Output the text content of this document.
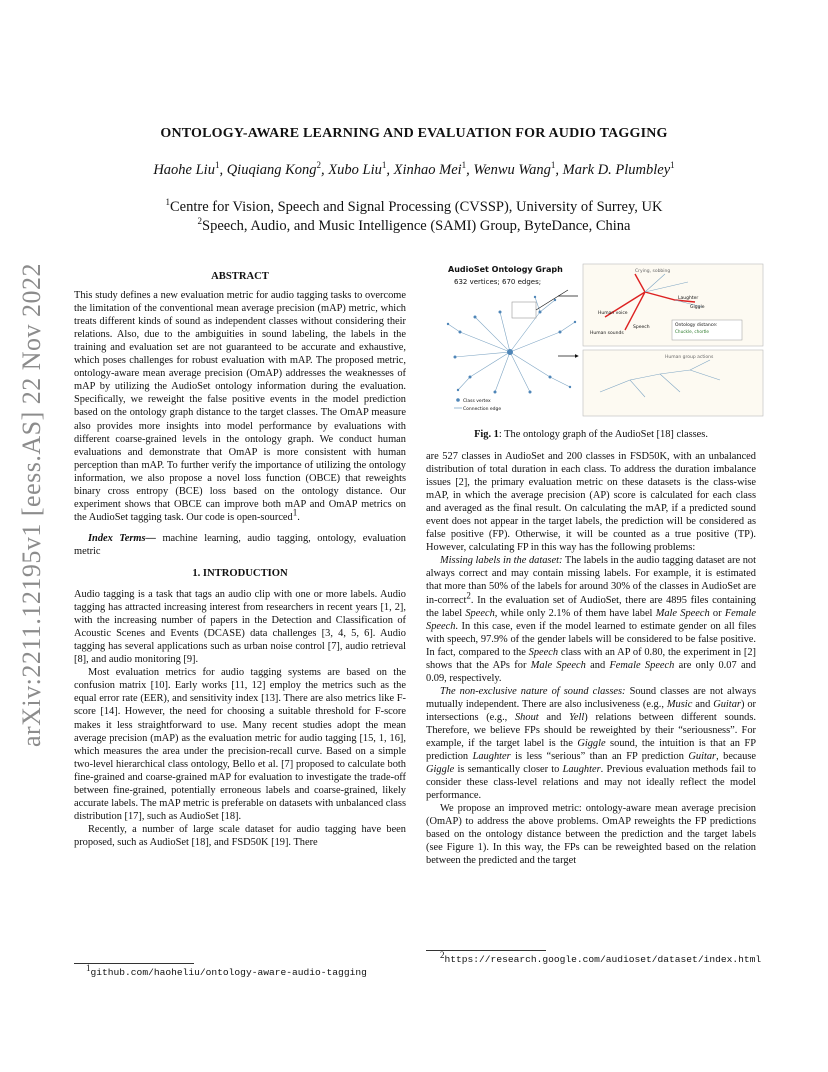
arXiv:2211.12195v1 [eess.AS] 22 Nov 2022
ONTOLOGY-AWARE LEARNING AND EVALUATION FOR AUDIO TAGGING
Haohe Liu$^1$, Qiuqiang Kong$^2$, Xubo Liu$^1$, Xinhao Mei$^1$, Wenwu Wang$^1$, Mark D. Plumbley$^1$
$^1$Centre for Vision, Speech and Signal Processing (CVSSP), University of Surrey, UK
$^2$Speech, Audio, and Music Intelligence (SAMI) Group, ByteDance, China
ABSTRACT

This study defines a new evaluation metric for audio tagging tasks to overcome the limitation of the conventional mean average precision (mAP) metric, which treats different kinds of sound as independent classes without considering their relations. Also, due to the ambiguities in sound labeling, the labels in the training and evaluation set are not guaranteed to be accurate and exhaustive, which poses challenges for robust evaluation with mAP. The proposed metric, ontology-aware mean average precision (OmAP) addresses the weaknesses of mAP by utilizing the AudioSet ontology information during the evaluation. Specifically, we reweight the false positive events in the model prediction based on the ontology graph distance to the target classes. The OmAP measure also provides more insights into model performance by evaluations with different coarse-grained levels in the ontology graph. We conduct human evaluations and demonstrate that OmAP is more consistent with human perception than mAP. To further verify the importance of utilizing the ontology information, we also propose a novel loss function (OBCE) that reweights binary cross entropy (BCE) loss based on the ontology distance. Our experiment shows that OBCE can improve both mAP and OmAP metrics on the AudioSet tagging task. Our code is open-sourced$^1$.

Index Terms— machine learning, audio tagging, ontology, evaluation metric

1. INTRODUCTION

Audio tagging is a task that tags an audio clip with one or more labels. Audio tagging has attracted increasing interest from researchers in recent years [1, 2], with the increasing number of papers in the Detection and Classification of Acoustic Scenes and Events (DCASE) data challenges [3, 4, 5, 6]. Audio tagging has several applications such as urban noise control [7], audio retrieval [8], and audio monitoring [9].

Most evaluation metrics for audio tagging systems are based on the confusion matrix [10]. Early works [11, 12] employ the metrics such as the equal error rate (EER), and sensitivity index [13]. There are also metrics like F-score [14]. However, the need for choosing a suitable threshold for F-score makes it less straightforward to use. Many recent studies adopt the mean average precision (mAP) as the evaluation metric for audio tagging [15, 1, 16], which measures the area under the precision-recall curve. Based on a simple two-level hierarchical class ontology, Bello et al. [7] proposed to calculate both fine-grained and coarse-grained mAP for evaluation to investigate the trade-off between fine-grained, potentially erroneous labels and coarse-grained, likely accurate labels. The mAP metric is preferable on datasets with unbalanced class distribution [17], such as AudioSet [18].

Recently, a number of large scale dataset for audio tagging have been proposed, such as AudioSet [18], and FSD50K [19]. There

$^1$github.com/haoheliu/ontology-aware-audio-tagging
AudioSet Ontology Graph
632 vertices; 670 edges;
Laughter
Human voice
Speech
Giggle
Human sounds
Crying, sobbing
Ontology distance:
Chuckle, chortle
Human group actions
Class vertex
Connection edge
Fig. 1: The ontology graph of the AudioSet [18] classes.

are 527 classes in AudioSet and 200 classes in FSD50K, with an unbalanced distribution of total duration in each class. To address the duration imbalance issues [2], the primary evaluation metric on these datasets is the class-wise mAP, in which the average precision (AP) score is calculated for each class and averaged as the final result. On calculating the mAP, if a predicted sound event does not appear in the target labels, the prediction will be considered as false positive (FP). Otherwise, it will be counted as a true positive (TP). However, calculating FP in this way has the following problems:

Missing labels in the dataset: The labels in the audio tagging dataset are not always correct and may contain missing labels. For example, it is estimated that more than 50% of the labels for around 30% of the classes in AudioSet are in-correct$^2$. In the evaluation set of AudioSet, there are 4895 files containing the label Speech, while only 2.1% of them have label Male Speech or Female Speech. In this case, even if the model learned to estimate gender on all files with speech, 97.9% of the gender labels will be considered to be false positive. In fact, compared to the Speech class with an AP of 0.80, the experiment in [2] shows that the APs for Male Speech and Female Speech are only 0.07 and 0.09, respectively.

The non-exclusive nature of sound classes: Sound classes are not always mutually independent. There are also inclusiveness (e.g., Music and Guitar) or intersections (e.g., Shout and Yell) relations between different sounds. Therefore, we believe FPs should be reweighted by their “seriousness”. For example, if the target label is the Giggle sound, the intuition is that an FP prediction Laughter is less “serious” than an FP prediction Guitar, because Giggle is semantically closer to Laughter. Previous evaluation methods fail to consider these class-level relations and may not ideally reflect the model performance.

We propose an improved metric: ontology-aware mean average precision (OmAP) to address the above problems. OmAP reweights the FP predictions based on the ontology distance between the prediction and the target labels (see Figure 1). In this way, the FPs can be reweighted based on the relation between the predicted and the target

$^2$https://research.google.com/audioset/dataset/index.html
